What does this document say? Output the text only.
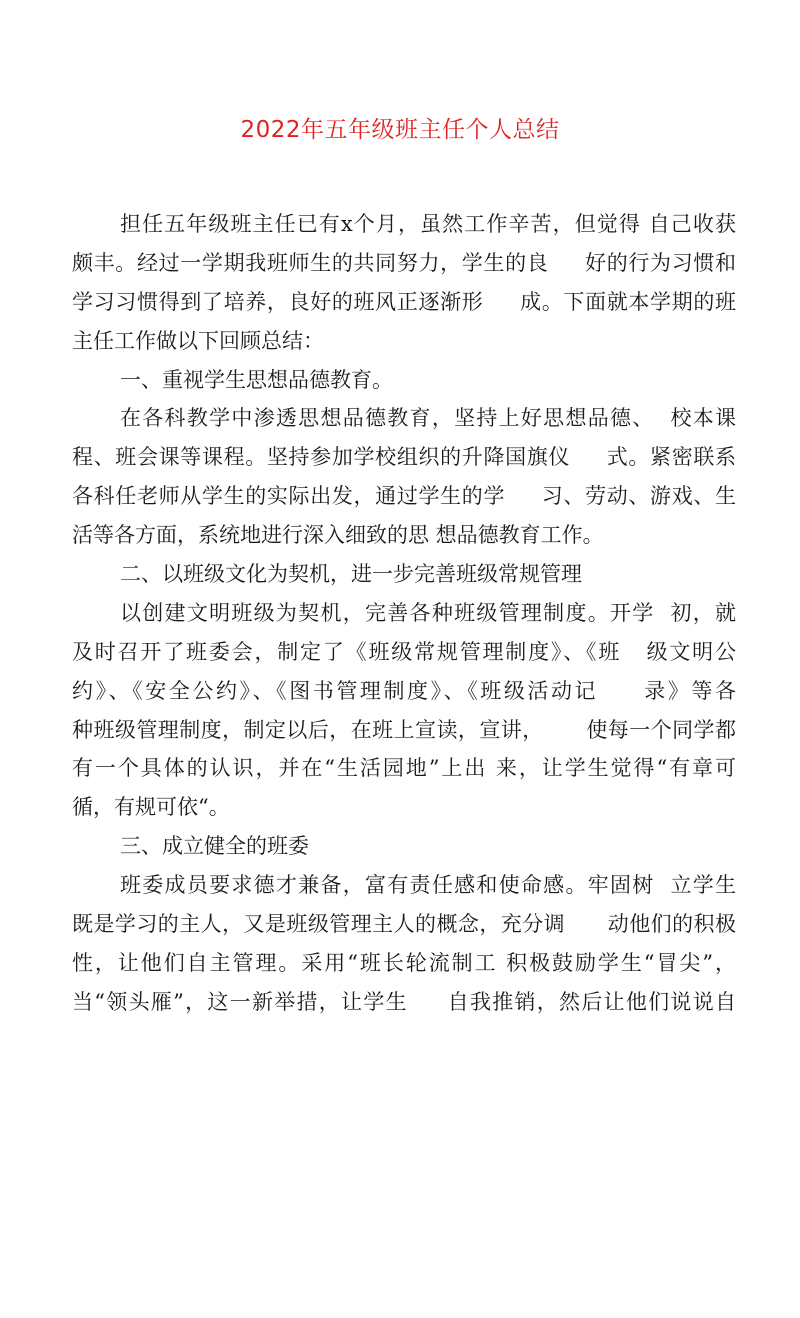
2022年五年级班主任个人总结
担任五年级班主任已有x个月，虽然工作辛苦，但觉得 自己收获
颇丰。经过一学期我班师生的共同努力，学生的良     好的行为习惯和
学习习惯得到了培养，良好的班风正逐渐形     成。下面就本学期的班
主任工作做以下回顾总结：
一、重视学生思想品德教育。
在各科教学中渗透思想品德教育，坚持上好思想品德、  校本课
程、班会课等课程。坚持参加学校组织的升降国旗仪     式。紧密联系
各科任老师从学生的实际出发，通过学生的学     习、劳动、游戏、生
活等各方面，系统地进行深入细致的思 想品德教育工作。
二、以班级文化为契机，进一步完善班级常规管理
以创建文明班级为契机，完善各种班级管理制度。开学  初，就
及时召开了班委会，制定了《班级常规管理制度》、《班   级文明公
约》、《安全公约》、《图书管理制度》、《班级活动记     录》等各
种班级管理制度，制定以后，在班上宣读，宣讲，      使每一个同学都
有一个具体的认识，并在“生活园地”上出 来，让学生觉得“有章可
循，有规可依“。
三、成立健全的班委
班委成员要求德才兼备，富有责任感和使命感。牢固树  立学生
既是学习的主人，又是班级管理主人的概念，充分调      动他们的积极
性，让他们自主管理。采用“班长轮流制工 积极鼓励学生“冒尖”，
当“领头雁”，这一新举措，让学生     自我推销，然后让他们说说自
